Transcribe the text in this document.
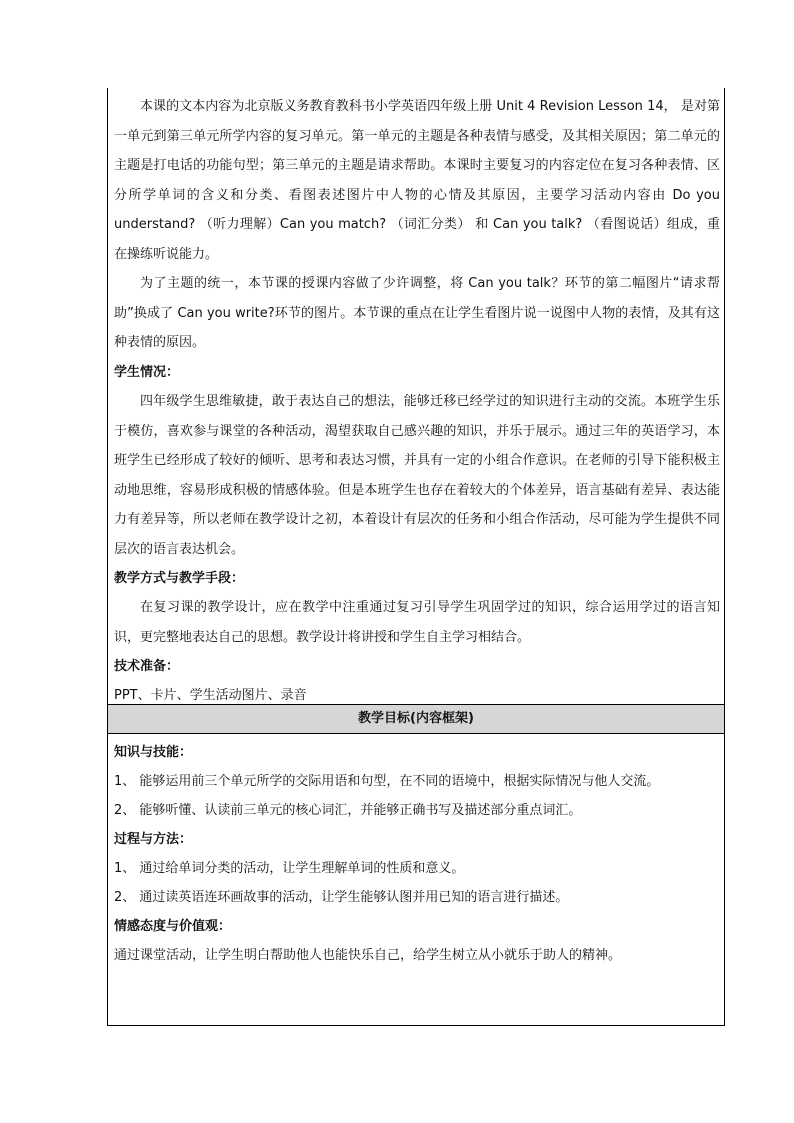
本课的文本内容为北京版义务教育教科书小学英语四年级上册 Unit 4 Revision Lesson 14， 是对第一单元到第三单元所学内容的复习单元。第一单元的主题是各种表情与感受，及其相关原因；第二单元的主题是打电话的功能句型；第三单元的主题是请求帮助。本课时主要复习的内容定位在复习各种表情、区分所学单词的含义和分类、看图表述图片中人物的心情及其原因，主要学习活动内容由 Do you understand? （听力理解）Can you match? （词汇分类） 和 Can you talk? （看图说话）组成，重在操练听说能力。

为了主题的统一，本节课的授课内容做了少许调整，将 Can you talk？环节的第二幅图片“请求帮助”换成了 Can you write?环节的图片。本节课的重点在让学生看图片说一说图中人物的表情，及其有这种表情的原因。

学生情况：

四年级学生思维敏捷，敢于表达自己的想法，能够迁移已经学过的知识进行主动的交流。本班学生乐于模仿，喜欢参与课堂的各种活动，渴望获取自己感兴趣的知识，并乐于展示。通过三年的英语学习，本班学生已经形成了较好的倾听、思考和表达习惯，并具有一定的小组合作意识。在老师的引导下能积极主动地思维，容易形成积极的情感体验。但是本班学生也存在着较大的个体差异，语言基础有差异、表达能力有差异等，所以老师在教学设计之初，本着设计有层次的任务和小组合作活动，尽可能为学生提供不同层次的语言表达机会。

教学方式与教学手段：

在复习课的教学设计，应在教学中注重通过复习引导学生巩固学过的知识，综合运用学过的语言知识，更完整地表达自己的思想。教学设计将讲授和学生自主学习相结合。

技术准备：

PPT、卡片、学生活动图片、录音

教学目标(内容框架)

知识与技能：

1、 能够运用前三个单元所学的交际用语和句型，在不同的语境中，根据实际情况与他人交流。

2、 能够听懂、认读前三单元的核心词汇，并能够正确书写及描述部分重点词汇。

过程与方法：

1、 通过给单词分类的活动，让学生理解单词的性质和意义。

2、 通过读英语连环画故事的活动，让学生能够认图并用已知的语言进行描述。

情感态度与价值观：

通过课堂活动，让学生明白帮助他人也能快乐自己，给学生树立从小就乐于助人的精神。
